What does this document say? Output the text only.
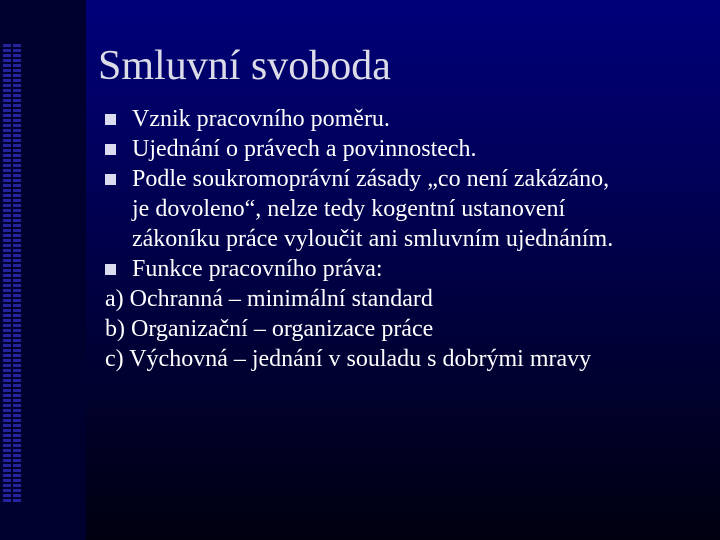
Smluvní svoboda
Vznik pracovního poměru.
Ujednání o právech a povinnostech.
Podle soukromoprávní zásady „co není zakázáno,
je dovoleno“, nelze tedy kogentní ustanovení
zákoníku práce vyloučit ani smluvním ujednáním.
Funkce pracovního práva:
a) Ochranná – minimální standard
b) Organizační – organizace práce
c) Výchovná – jednání v souladu s dobrými mravy
